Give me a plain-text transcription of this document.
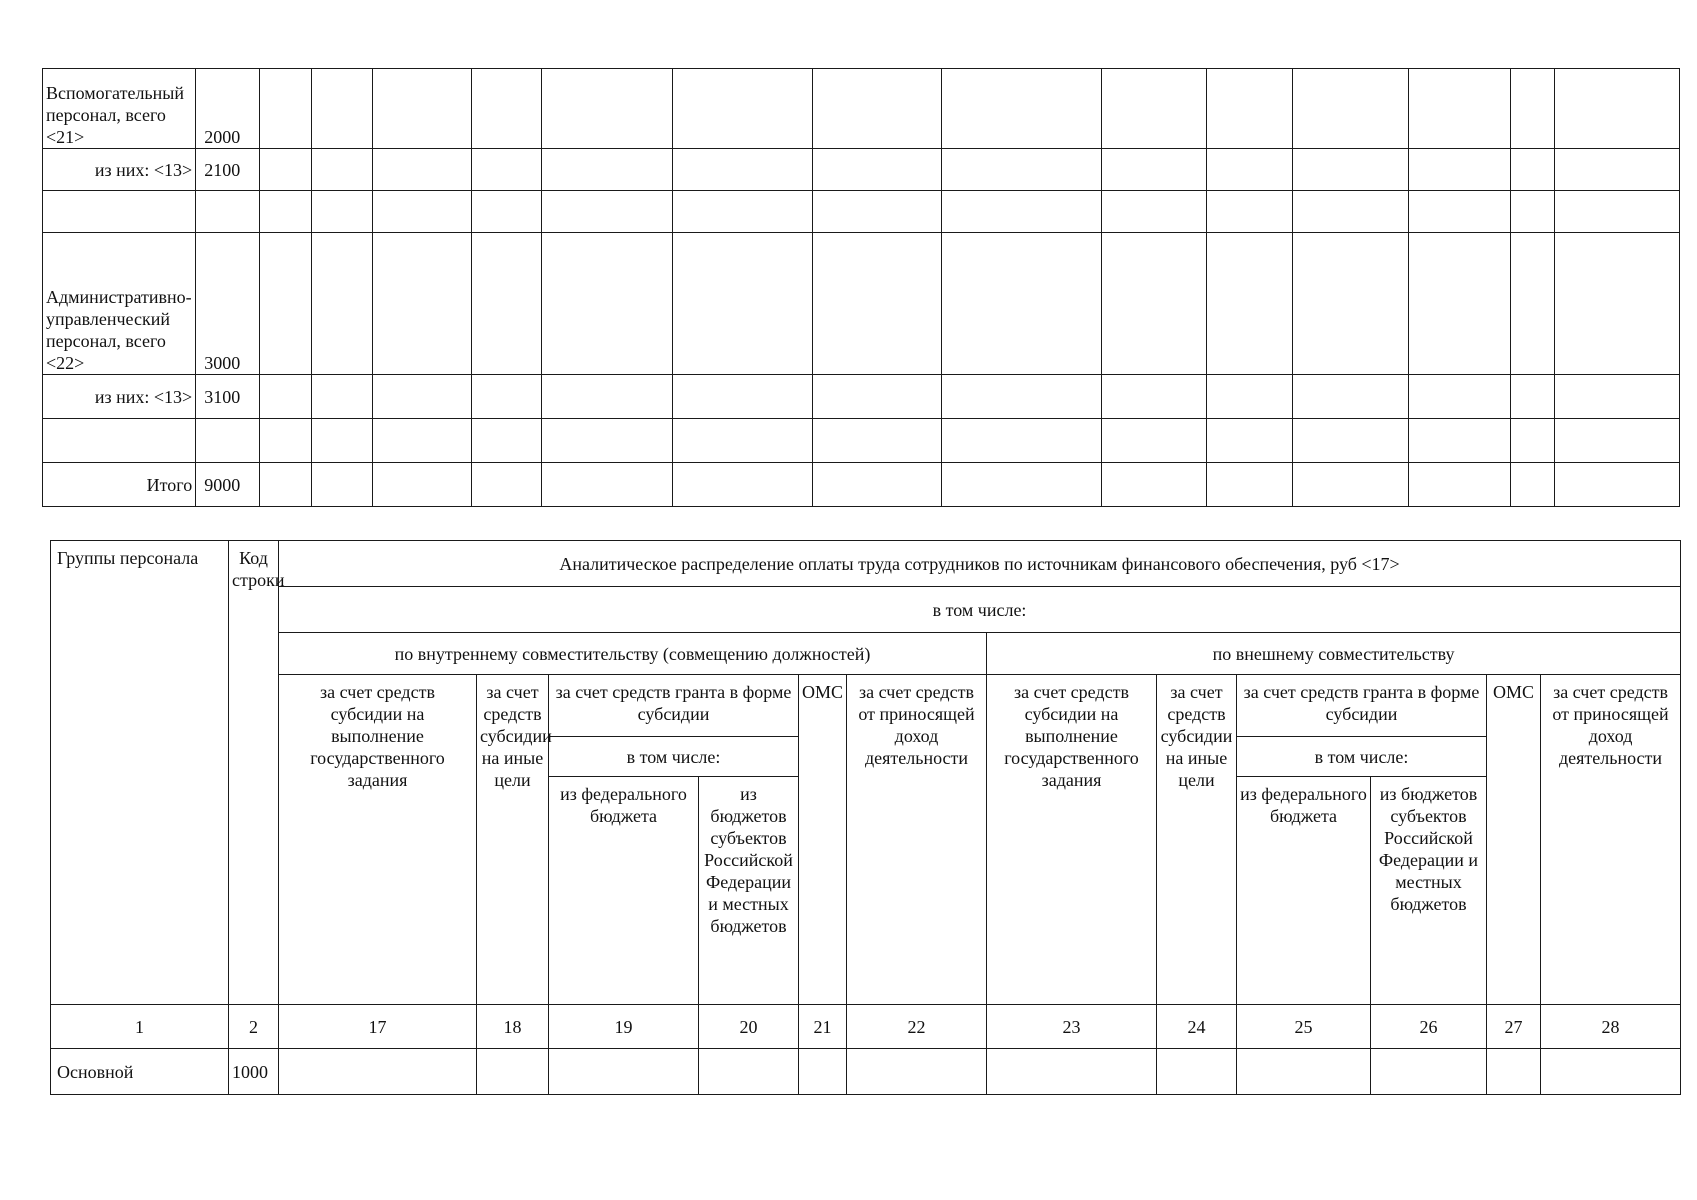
Вспомогательный персонал, всего <21>	2000														
из них: <13>	2100														

Административно-управленческий персонал, всего <22>	3000														
из них: <13>	3100														

Итого	9000														
Группы персонала	Код строки	Аналитическое распределение оплаты труда сотрудников по источникам финансового обеспечения, руб <17>											
		в том числе:											
		по внутреннему совместительству (совмещению должностей)						по внешнему совместительству					
		за счет средств субсидии на выполнение государственного задания	за счет средств субсидии на иные цели	за счет средств гранта в форме субсидии		ОМС	за счет средств от приносящей доход деятельности	за счет средств субсидии на выполнение государственного задания	за счет средств субсидии на иные цели	за счет средств гранта в форме субсидии		ОМС	за счет средств от приносящей доход деятельности
				в том числе:						в том числе:			
				из федерального бюджета	из бюджетов субъектов Российской Федерации и местных бюджетов					из федерального бюджета	из бюджетов субъектов Российской Федерации и местных бюджетов		
1	2	17	18	19	20	21	22	23	24	25	26	27	28
Основной	1000												
